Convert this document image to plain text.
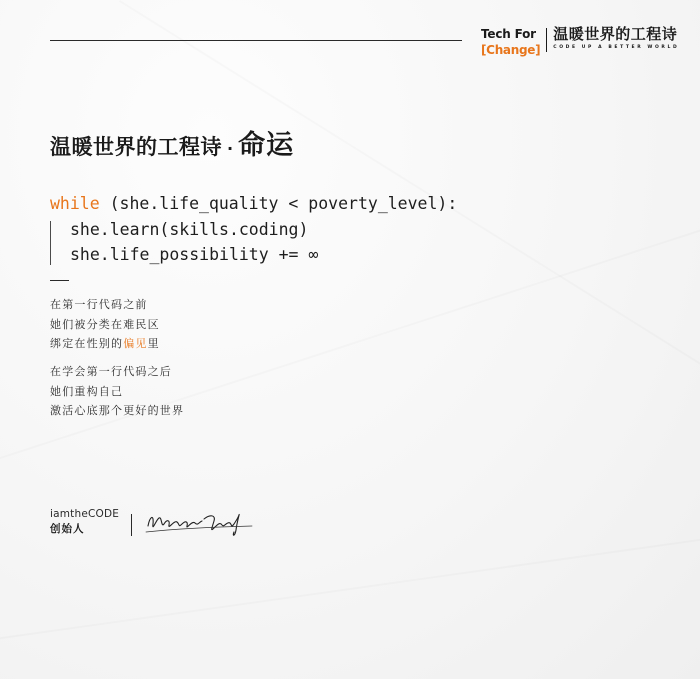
Tech For
[Change]
温暖世界的工程诗
CODE UP A BETTER WORLD
温暖世界的工程诗 · 命运
while (she.life_quality < poverty_level):
she.learn(skills.coding)
she.life_possibility += ∞
在第一行代码之前
她们被分类在难民区
绑定在性别的偏见里
在学会第一行代码之后
她们重构自己
激活心底那个更好的世界
iamtheCODE
创始人
